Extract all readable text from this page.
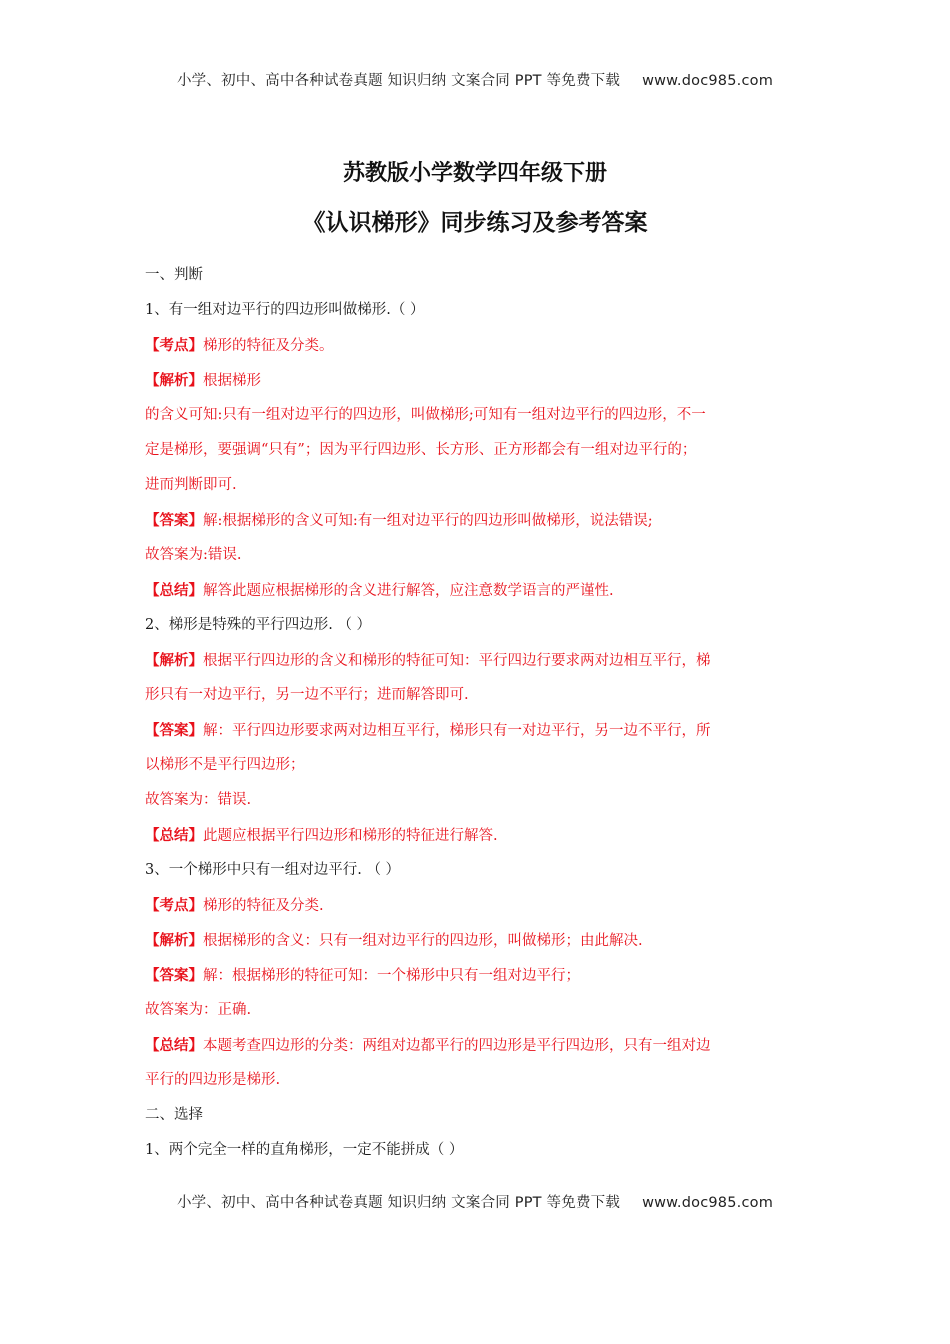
小学、初中、高中各种试卷真题 知识归纳 文案合同 PPT 等免费下载 www.doc985.com
苏教版小学数学四年级下册
《认识梯形》同步练习及参考答案
一、判断
1、有一组对边平行的四边形叫做梯形.（ ）
【考点】梯形的特征及分类。
【解析】根据梯形
的含义可知:只有一组对边平行的四边形，叫做梯形;可知有一组对边平行的四边形，不一
定是梯形，要强调“只有”；因为平行四边形、长方形、正方形都会有一组对边平行的；
进而判断即可.
【答案】解:根据梯形的含义可知:有一组对边平行的四边形叫做梯形，说法错误;
故答案为:错误.
【总结】解答此题应根据梯形的含义进行解答，应注意数学语言的严谨性.
2、梯形是特殊的平行四边形. （ ）
【解析】根据平行四边形的含义和梯形的特征可知：平行四边行要求两对边相互平行，梯
形只有一对边平行，另一边不平行；进而解答即可.
【答案】解：平行四边形要求两对边相互平行，梯形只有一对边平行，另一边不平行，所
以梯形不是平行四边形；
故答案为：错误.
【总结】此题应根据平行四边形和梯形的特征进行解答.
3、一个梯形中只有一组对边平行. （ ）
【考点】梯形的特征及分类.
【解析】根据梯形的含义：只有一组对边平行的四边形，叫做梯形；由此解决.
【答案】解：根据梯形的特征可知：一个梯形中只有一组对边平行；
故答案为：正确.
【总结】本题考查四边形的分类：两组对边都平行的四边形是平行四边形，只有一组对边
平行的四边形是梯形.
二、选择
1、两个完全一样的直角梯形，一定不能拼成（ ）
小学、初中、高中各种试卷真题 知识归纳 文案合同 PPT 等免费下载 www.doc985.com
